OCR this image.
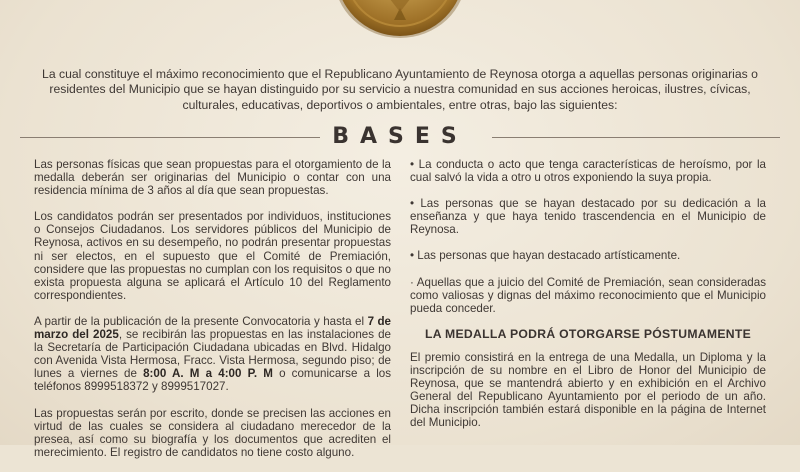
La cual constituye el máximo reconocimiento que el Republicano Ayuntamiento de Reynosa otorga a aquellas personas originarias o residentes del Municipio que se hayan distinguido por su servicio a nuestra comunidad en sus acciones heroicas, ilustres, cívicas, culturales, educativas, deportivos o ambientales, entre otras, bajo las siguientes:

BASES

Las personas físicas que sean propuestas para el otorgamiento de la medalla deberán ser originarias del Municipio o contar con una residencia mínima de 3 años al día que sean propuestas.

Los candidatos podrán ser presentados por individuos, instituciones o Consejos Ciudadanos. Los servidores públicos del Municipio de Reynosa, activos en su desempeño, no podrán presentar propuestas ni ser electos, en el supuesto que el Comité de Premiación, considere que las propuestas no cumplan con los requisitos o que no exista propuesta alguna se aplicará el Artículo 10 del Reglamento correspondientes.

A partir de la publicación de la presente Convocatoria y hasta el 7 de marzo del 2025, se recibirán las propuestas en las instalaciones de la Secretaría de Participación Ciudadana ubicadas en Blvd. Hidalgo con Avenida Vista Hermosa, Fracc. Vista Hermosa, segundo piso; de lunes a viernes de 8:00 A. M a 4:00 P. M o comunicarse a los teléfonos 8999518372 y 8999517027.

Las propuestas serán por escrito, donde se precisen las acciones en virtud de las cuales se considera al ciudadano merecedor de la presea, así como su biografía y los documentos que acrediten el merecimiento. El registro de candidatos no tiene costo alguno.

• La conducta o acto que tenga características de heroísmo, por la cual salvó la vida a otro u otros exponiendo la suya propia.

• Las personas que se hayan destacado por su dedicación a la enseñanza y que haya tenido trascendencia en el Municipio de Reynosa.

• Las personas que hayan destacado artísticamente.

· Aquellas que a juicio del Comité de Premiación, sean consideradas como valiosas y dignas del máximo reconocimiento que el Municipio pueda conceder.

LA MEDALLA PODRÁ OTORGARSE PÓSTUMAMENTE

El premio consistirá en la entrega de una Medalla, un Diploma y la inscripción de su nombre en el Libro de Honor del Municipio de Reynosa, que se mantendrá abierto y en exhibición en el Archivo General del Republicano Ayuntamiento por el periodo de un año. Dicha inscripción también estará disponible en la página de Internet del Municipio.
